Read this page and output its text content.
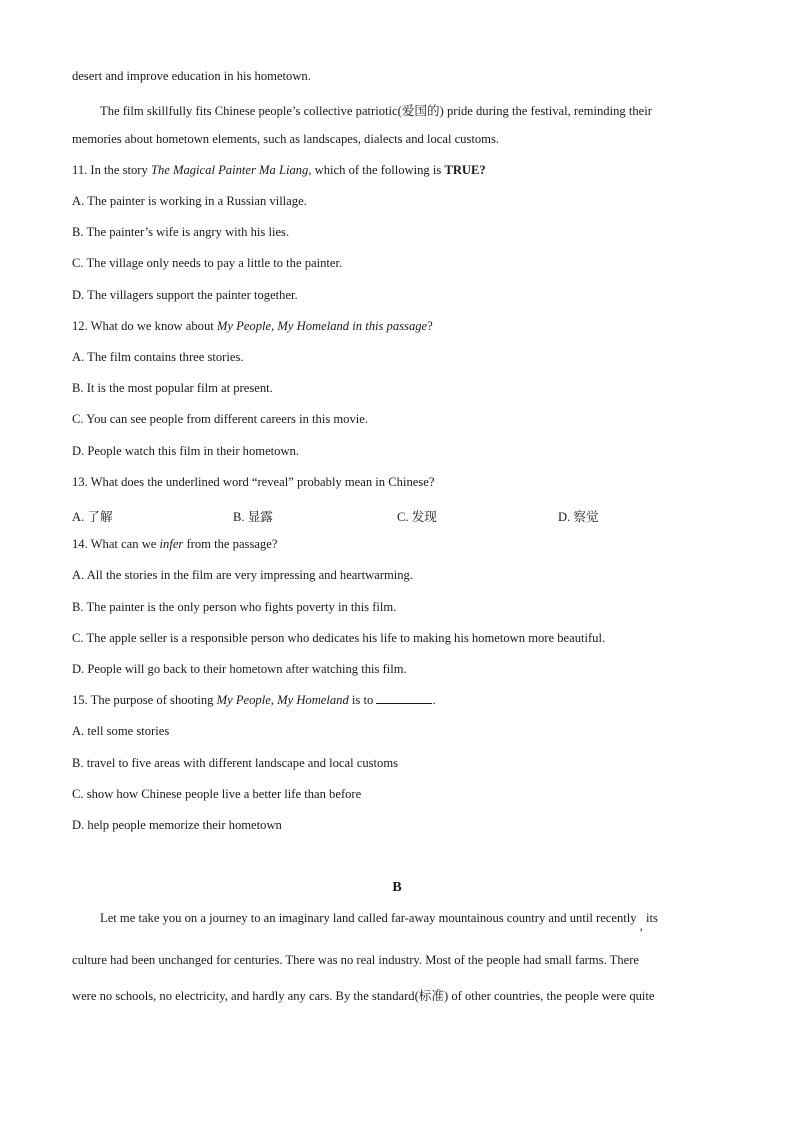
desert and improve education in his hometown.
The film skillfully fits Chinese people’s collective patriotic(爱国的) pride during the festival, reminding their
memories about hometown elements, such as landscapes, dialects and local customs.
11. In the story The Magical Painter Ma Liang, which of the following is TRUE?
A. The painter is working in a Russian village.
B. The painter’s wife is angry with his lies.
C. The village only needs to pay a little to the painter.
D. The villagers support the painter together.
12. What do we know about My People, My Homeland in this passage?
A. The film contains three stories.
B. It is the most popular film at present.
C. You can see people from different careers in this movie.
D. People watch this film in their hometown.
13. What does the underlined word “reveal” probably mean in Chinese?
A. 了解	B. 显露	C. 发现	D. 察觉
14. What can we infer from the passage?
A. All the stories in the film are very impressing and heartwarming.
B. The painter is the only person who fights poverty in this film.
C. The apple seller is a responsible person who dedicates his life to making his hometown more beautiful.
D. People will go back to their hometown after watching this film.
15. The purpose of shooting My People, My Homeland is to	.
A. tell some stories
B. travel to five areas with different landscape and local customs
C. show how Chinese people live a better life than before
D. help people memorize their hometown
B
Let me take you on a journey to an imaginary land called far-away mountainous country and until recently , its
culture had been unchanged for centuries. There was no real industry. Most of the people had small farms. There
were no schools, no electricity, and hardly any cars. By the standard(标准) of other countries, the people were quite
